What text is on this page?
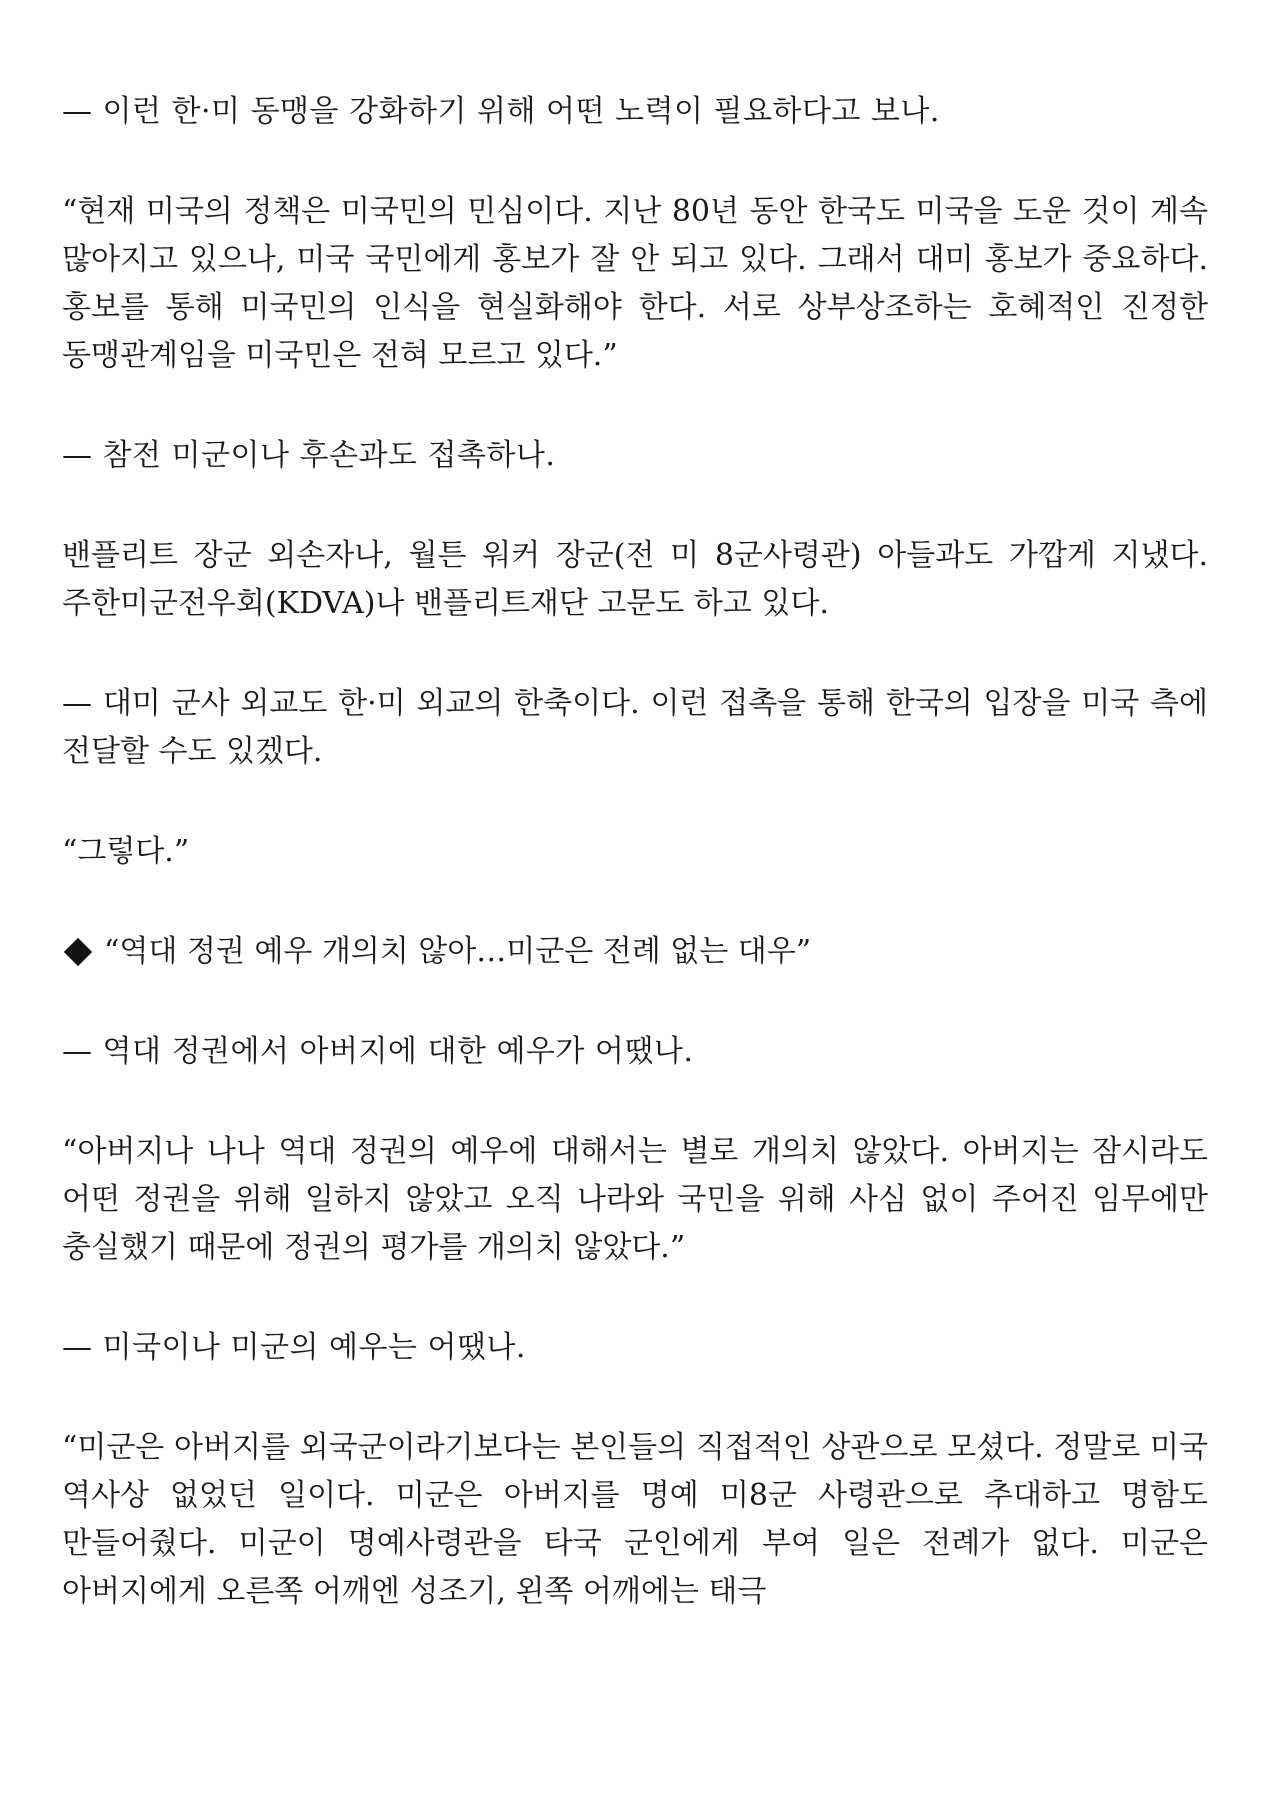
— 이런 한·미 동맹을 강화하기 위해 어떤 노력이 필요하다고 보나.

“현재 미국의 정책은 미국민의 민심이다. 지난 80년 동안 한국도 미국을 도운 것이 계속 많아지고 있으나, 미국 국민에게 홍보가 잘 안 되고 있다. 그래서 대미 홍보가 중요하다. 홍보를 통해 미국민의 인식을 현실화해야 한다. 서로 상부상조하는 호혜적인 진정한 동맹관계임을 미국민은 전혀 모르고 있다.”

— 참전 미군이나 후손과도 접촉하나.

밴플리트 장군 외손자나, 월튼 워커 장군(전 미 8군사령관) 아들과도 가깝게 지냈다. 주한미군전우회(KDVA)나 밴플리트재단 고문도 하고 있다.

— 대미 군사 외교도 한·미 외교의 한축이다. 이런 접촉을 통해 한국의 입장을 미국 측에 전달할 수도 있겠다.

“그렇다.”

“역대 정권 예우 개의치 않아…미군은 전례 없는 대우”

— 역대 정권에서 아버지에 대한 예우가 어땠나.

“아버지나 나나 역대 정권의 예우에 대해서는 별로 개의치 않았다. 아버지는 잠시라도 어떤 정권을 위해 일하지 않았고 오직 나라와 국민을 위해 사심 없이 주어진 임무에만 충실했기 때문에 정권의 평가를 개의치 않았다.”

— 미국이나 미군의 예우는 어땠나.

“미군은 아버지를 외국군이라기보다는 본인들의 직접적인 상관으로 모셨다. 정말로 미국 역사상 없었던 일이다. 미군은 아버지를 명예 미8군 사령관으로 추대하고 명함도 만들어줬다. 미군이 명예사령관을 타국 군인에게 부여 일은 전례가 없다. 미군은 아버지에게 오른쪽 어깨엔 성조기, 왼쪽 어깨에는 태극
